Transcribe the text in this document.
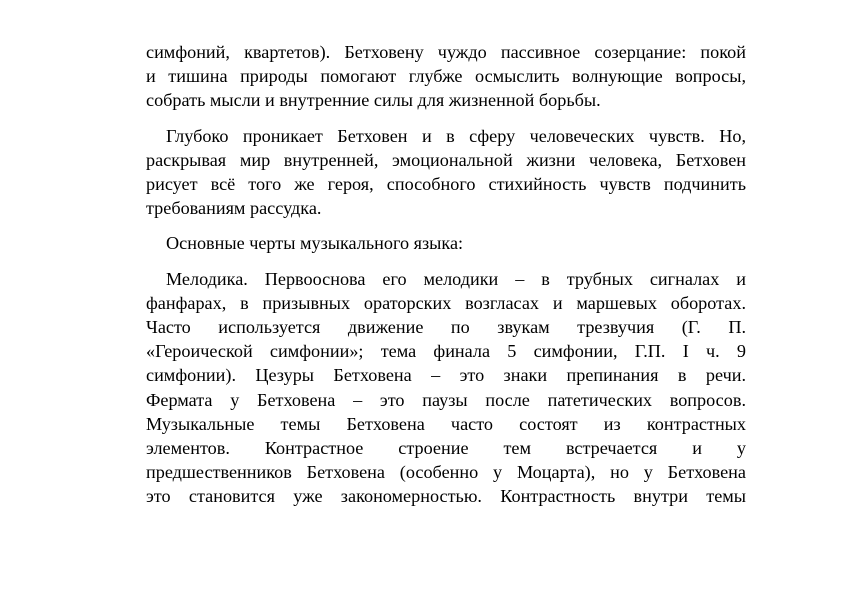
симфоний, квартетов). Бетховену чуждо пассивное созерцание: покой
и тишина природы помогают глубже осмыслить волнующие вопросы,
собрать мысли и внутренние силы для жизненной борьбы.

Глубоко проникает Бетховен и в сферу человеческих чувств. Но,
раскрывая мир внутренней, эмоциональной жизни человека, Бетховен
рисует всё того же героя, способного стихийность чувств подчинить
требованиям рассудка.

Основные черты музыкального языка:

Мелодика. Первооснова его мелодики – в трубных сигналах и
фанфарах, в призывных ораторских возгласах и маршевых оборотах.
Часто используется движение по звукам трезвучия (Г. П.
«Героической симфонии»; тема финала 5 симфонии, Г.П. I ч. 9
симфонии). Цезуры Бетховена – это знаки препинания в речи.
Фермата у Бетховена – это паузы после патетических вопросов.
Музыкальные темы Бетховена часто состоят из контрастных
элементов. Контрастное строение тем встречается и у
предшественников Бетховена (особенно у Моцарта), но у Бетховена
это становится уже закономерностью. Контрастность внутри темы
